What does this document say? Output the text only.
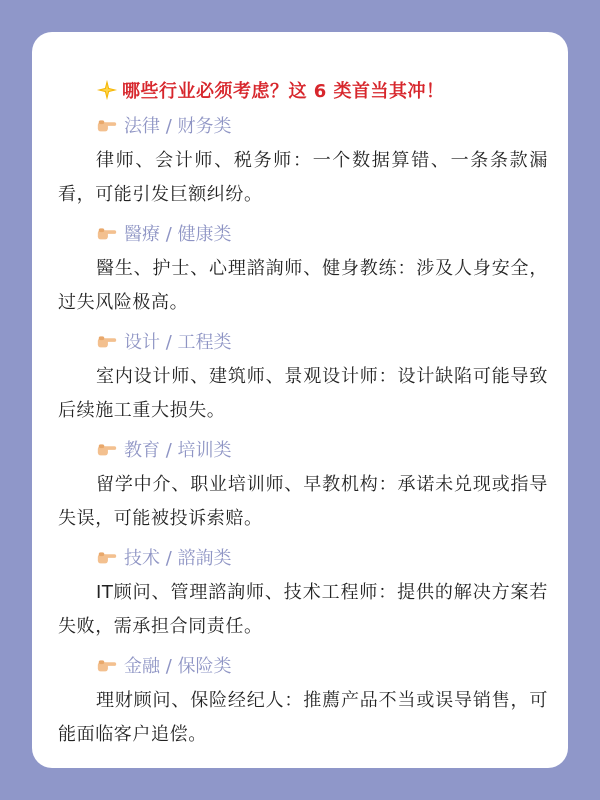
哪些行业必须考虑？这 6 类首当其冲！
法律 / 财务类
律师、会计师、税务师：一个数据算错、一条条款漏看，可能引发巨额纠纷。
醫療 / 健康类
醫生、护士、心理諮詢师、健身教练：涉及人身安全，过失风险极高。
设计 / 工程类
室内设计师、建筑师、景观设计师：设计缺陷可能导致后续施工重大损失。
教育 / 培训类
留学中介、职业培训师、早教机构：承诺未兑现或指导失误，可能被投诉索赔。
技术 / 諮詢类
IT顾问、管理諮詢师、技术工程师：提供的解决方案若失败，需承担合同责任。
金融 / 保险类
理财顾问、保险经纪人：推薦产品不当或误导销售，可能面临客户追偿。
